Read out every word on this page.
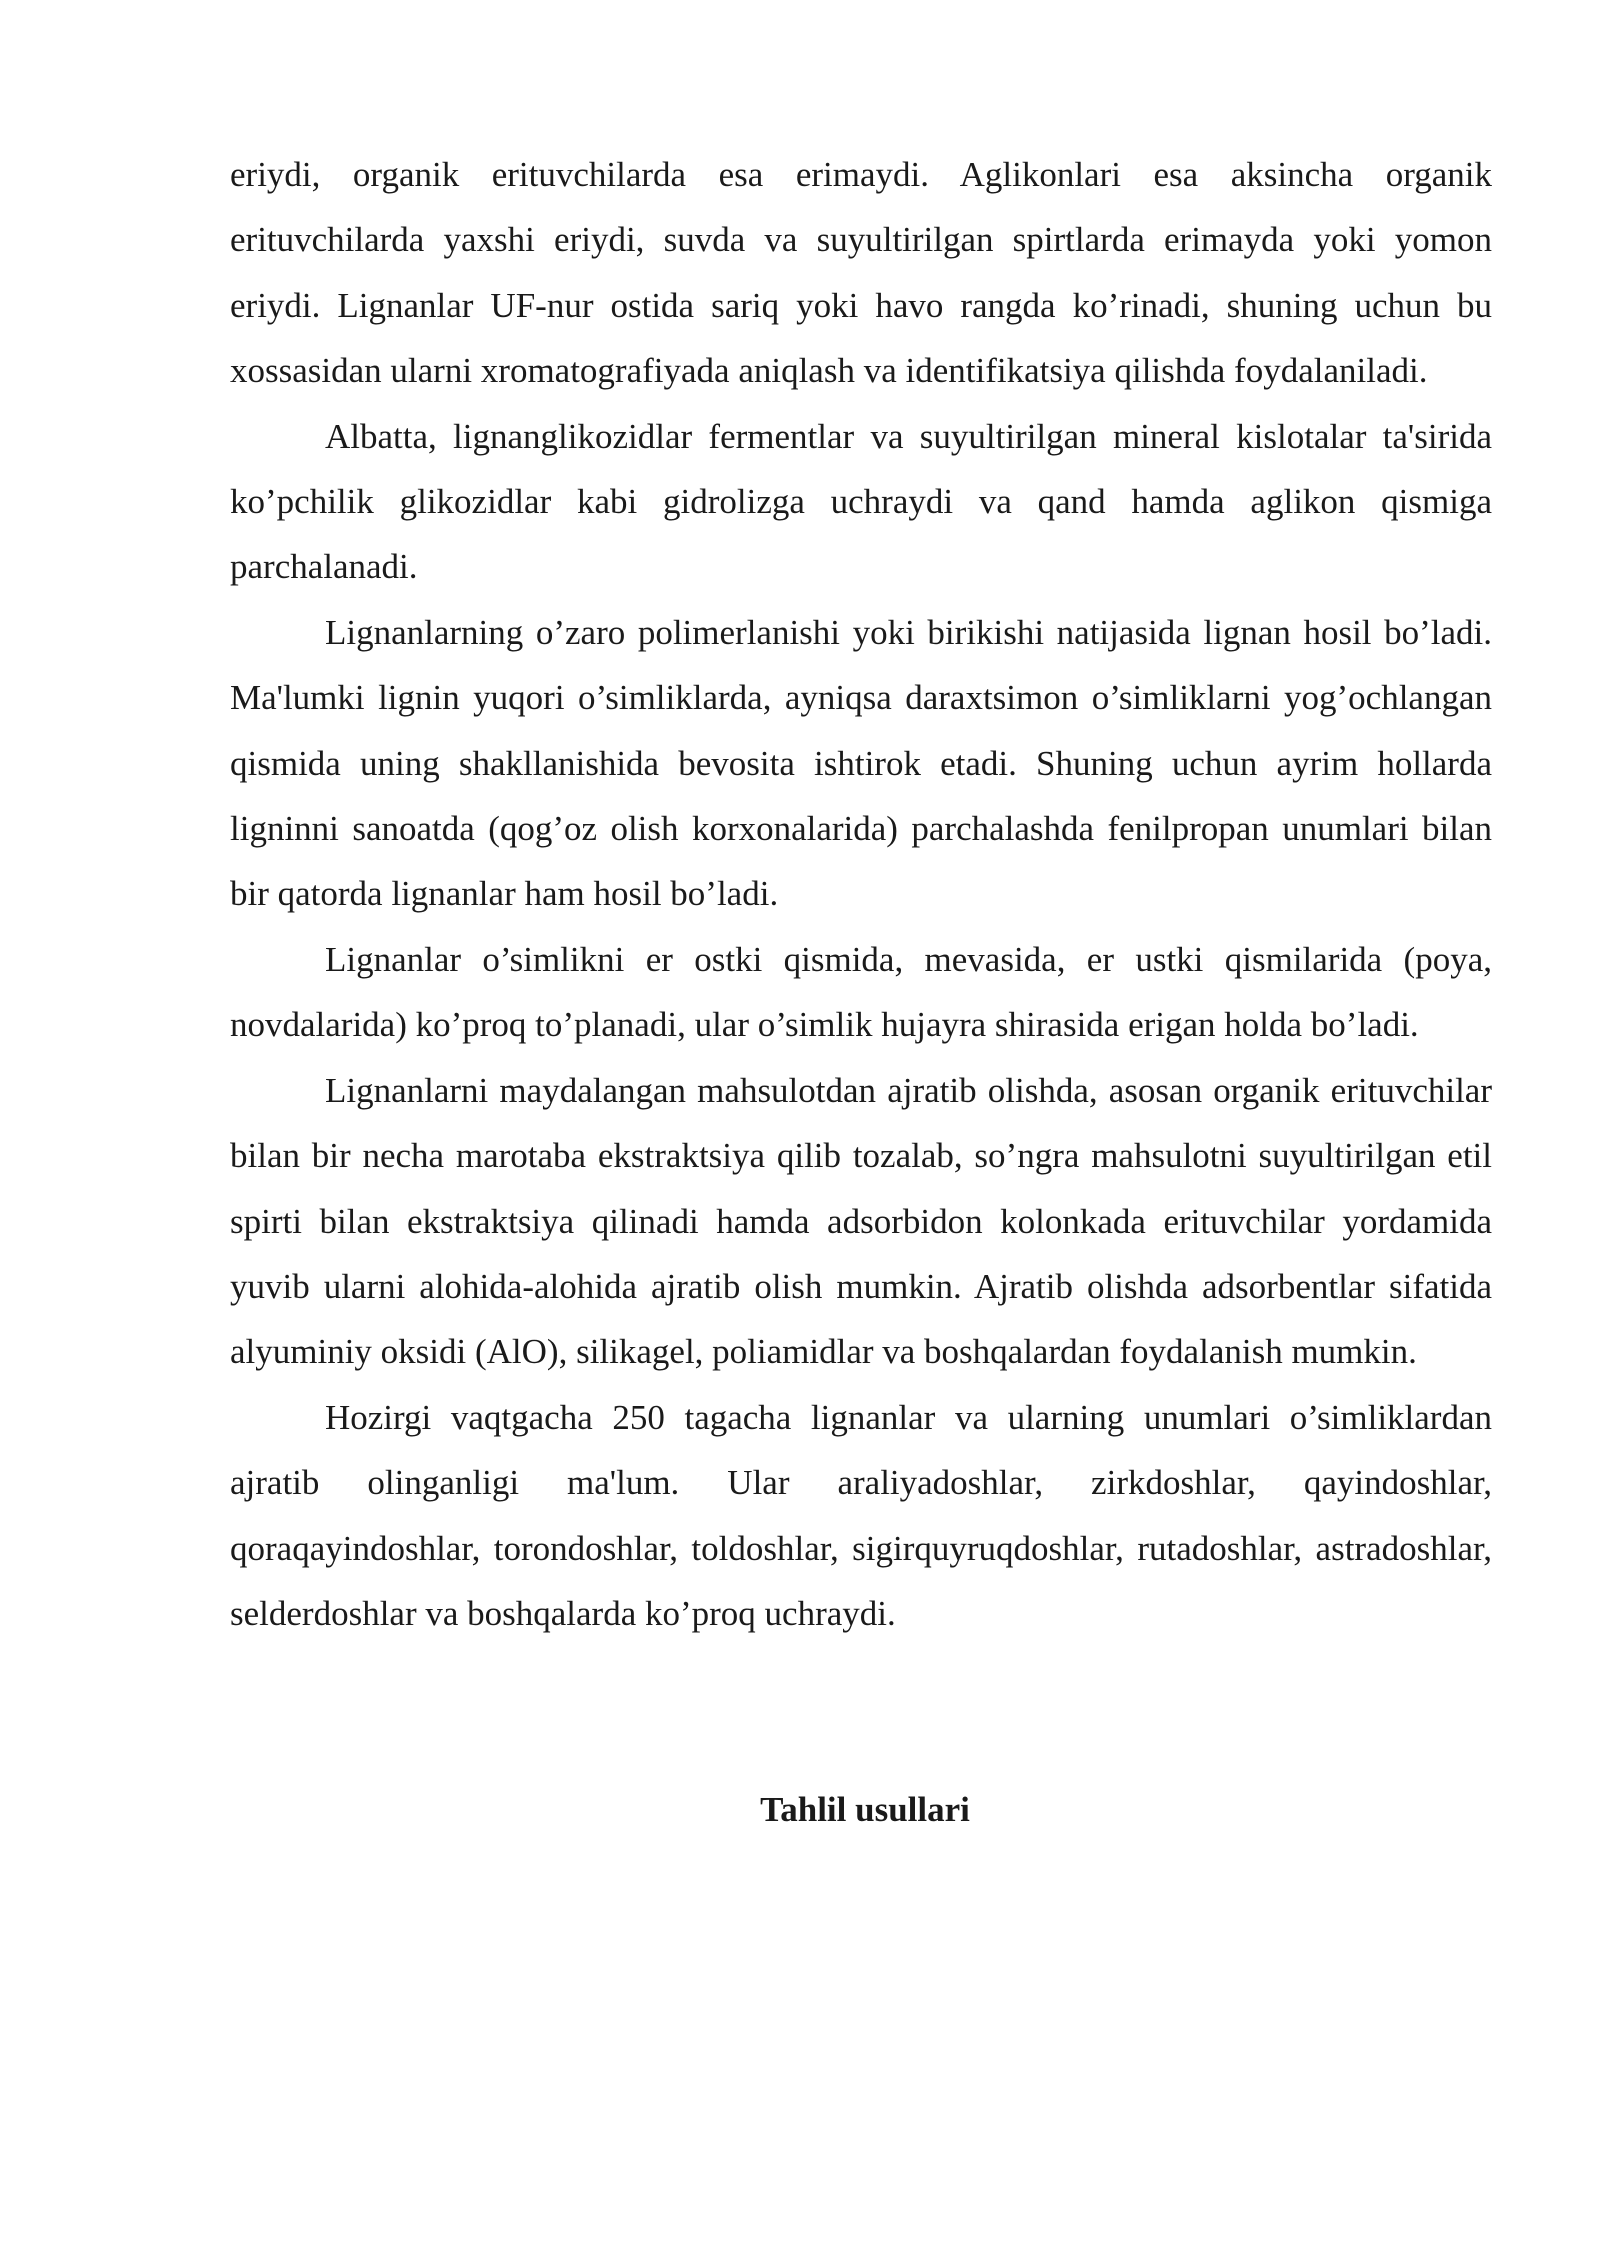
eriydi, organik erituvchilarda esa erimaydi. Aglikonlari esa aksincha organik erituvchilarda yaxshi eriydi, suvda va suyultirilgan spirtlarda erimayda yoki yomon eriydi. Lignanlar UF-nur ostida sariq yoki havo rangda ko’rinadi, shuning uchun bu xossasidan ularni xromatografiyada aniqlash va identifikatsiya qilishda foydalaniladi.

Albatta, lignanglikozidlar fermentlar va suyultirilgan mineral kislotalar ta'sirida ko’pchilik glikozidlar kabi gidrolizga uchraydi va qand hamda aglikon qismiga parchalanadi.

Lignanlarning o’zaro polimerlanishi yoki birikishi natijasida lignan hosil bo’ladi. Ma'lumki lignin yuqori o’simliklarda, ayniqsa daraxtsimon o’simliklarni yog’ochlangan qismida uning shakllanishida bevosita ishtirok etadi. Shuning uchun ayrim hollarda ligninni sanoatda (qog’oz olish korxonalarida) parchalashda fenilpropan unumlari bilan bir qatorda lignanlar ham hosil bo’ladi.

Lignanlar o’simlikni er ostki qismida, mevasida, er ustki qismilarida (poya, novdalarida) ko’proq to’planadi, ular o’simlik hujayra shirasida erigan holda bo’ladi.

Lignanlarni maydalangan mahsulotdan ajratib olishda, asosan organik erituvchilar bilan bir necha marotaba ekstraktsiya qilib tozalab, so’ngra mahsulotni suyultirilgan etil spirti bilan ekstraktsiya qilinadi hamda adsorbidon kolonkada erituvchilar yordamida yuvib ularni alohida-alohida ajratib olish mumkin. Ajratib olishda adsorbentlar sifatida alyuminiy oksidi (AlO), silikagel, poliamidlar va boshqalardan foydalanish mumkin.

Hozirgi vaqtgacha 250 tagacha lignanlar va ularning unumlari o’simliklardan ajratib olinganligi ma'lum. Ular araliyadoshlar, zirkdoshlar, qayindoshlar, qoraqayindoshlar, torondoshlar, toldoshlar, sigirquyruqdoshlar, rutadoshlar, astradoshlar, selderdoshlar va boshqalarda ko’proq uchraydi.

Tahlil usullari
